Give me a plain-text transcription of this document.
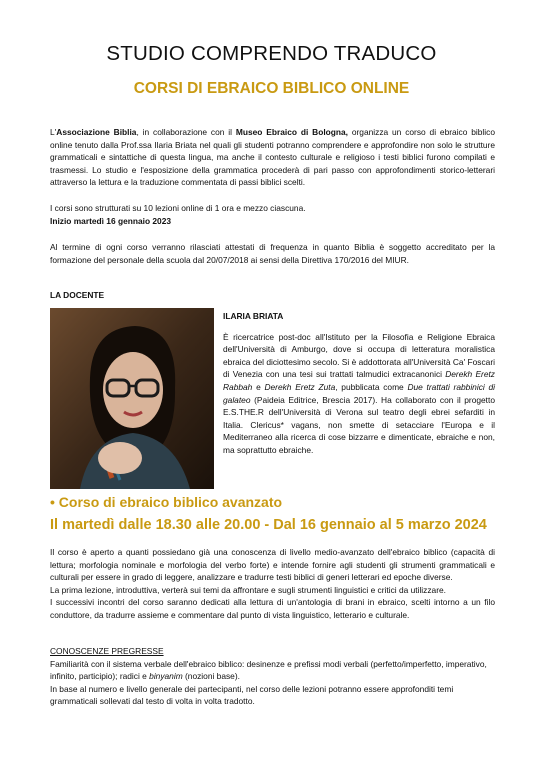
STUDIO COMPRENDO TRADUCO
CORSI DI EBRAICO BIBLICO ONLINE
L'Associazione Biblia, in collaborazione con il Museo Ebraico di Bologna, organizza un corso di ebraico biblico online tenuto dalla Prof.ssa Ilaria Briata nel quali gli studenti potranno comprendere e approfondire non solo le strutture grammaticali e sintattiche di questa lingua, ma anche il contesto culturale e religioso i testi biblici furono compilati e trasmessi. Lo studio e l'esposizione della grammatica procederà di pari passo con approfondimenti storico-letterari attraverso la lettura e la traduzione commentata di passi biblici scelti.

I corsi sono strutturati su 10 lezioni online di 1 ora e mezzo ciascuna.

Inizio martedì 16 gennaio 2023

Al termine di ogni corso verranno rilasciati attestati di frequenza in quanto Biblia è soggetto accreditato per la formazione del personale della scuola dal 20/07/2018 ai sensi della Direttiva 170/2016 del MIUR.
LA DOCENTE
ILARIA BRIATA
È ricercatrice post-doc all'Istituto per la Filosofia e Religione Ebraica dell'Università di Amburgo, dove si occupa di letteratura moralistica ebraica del diciottesimo secolo. Si è addottorata all'Università Ca' Foscari di Venezia con una tesi sui trattati talmudici extracanonici Derekh Eretz Rabbah e Derekh Eretz Zuta, pubblicata come Due trattati rabbinici di galateo (Paideia Editrice, Brescia 2017). Ha collaborato con il progetto E.S.THE.R dell'Università di Verona sul teatro degli ebrei sefarditi in Italia. Clericus* vagans, non smette di setacciare l'Europa e il Mediterraneo alla ricerca di cose bizzarre e dimenticate, ebraiche e non, ma soprattutto ebraiche.
• Corso di ebraico biblico avanzato
Il martedì dalle 18.30 alle 20.00 - Dal 16 gennaio al 5 marzo 2024

Il corso è aperto a quanti possiedano già una conoscenza di livello medio-avanzato dell'ebraico biblico (capacità di lettura; morfologia nominale e morfologia del verbo forte) e intende fornire agli studenti gli strumenti grammaticali e culturali per essere in grado di leggere, analizzare e tradurre testi biblici di generi letterari ed epoche diverse.

La prima lezione, introduttiva, verterà sui temi da affrontare e sugli strumenti linguistici e critici da utilizzare.

I successivi incontri del corso saranno dedicati alla lettura di un'antologia di brani in ebraico, scelti intorno a un filo conduttore, da tradurre assieme e commentare dal punto di vista linguistico, letterario e culturale.

CONOSCENZE PREGRESSE

Familiarità con il sistema verbale dell'ebraico biblico: desinenze e prefissi modi verbali (perfetto/imperfetto, imperativo, infinito, participio); radici e binyanim (nozioni base).

In base al numero e livello generale dei partecipanti, nel corso delle lezioni potranno essere approfonditi temi grammaticali sollevati dal testo di volta in volta tradotto.
